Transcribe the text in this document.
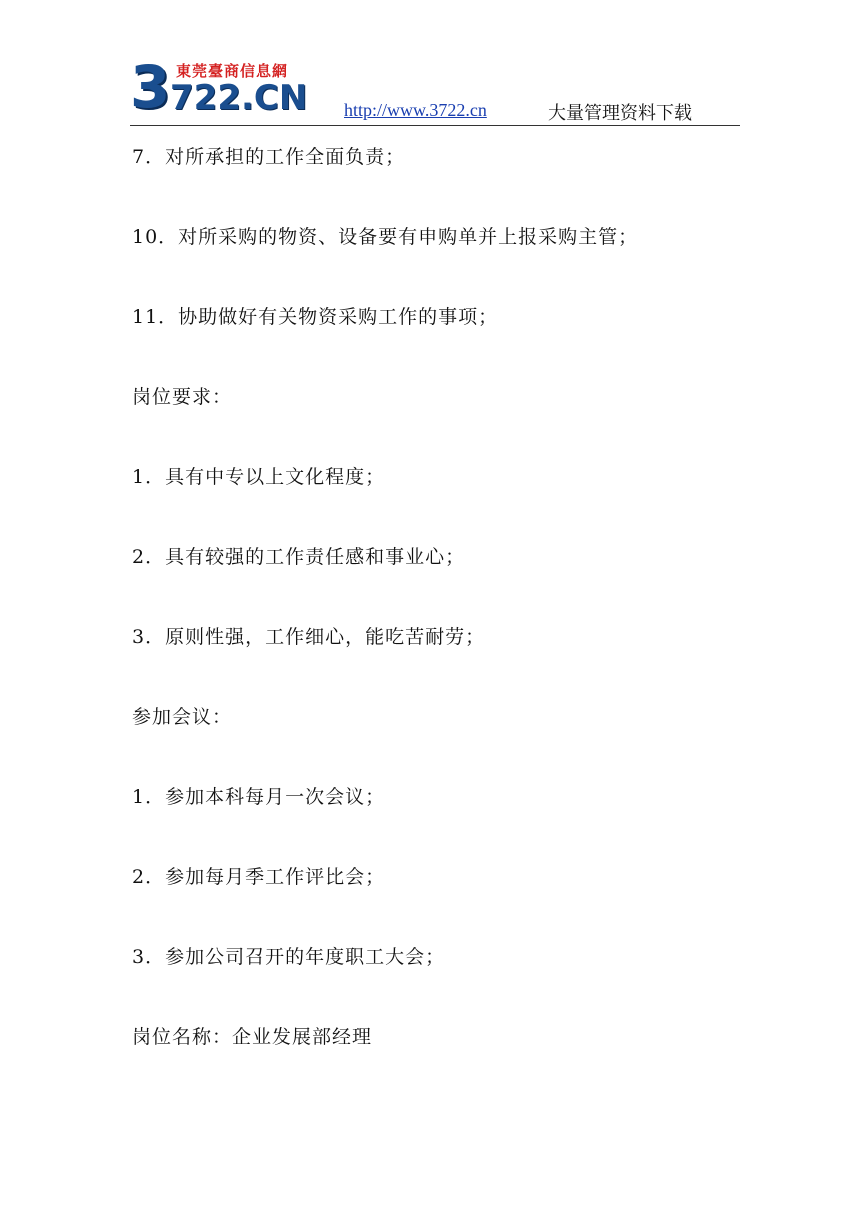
3 東莞臺商信息網
722.CN http://www.3722.cn	大量管理资料下载
7．对所承担的工作全面负责；
10．对所采购的物资、设备要有申购单并上报采购主管；
11．协助做好有关物资采购工作的事项；
岗位要求：
1．具有中专以上文化程度；
2．具有较强的工作责任感和事业心；
3．原则性强，工作细心，能吃苦耐劳；
参加会议：
1．参加本科每月一次会议；
2．参加每月季工作评比会；
3．参加公司召开的年度职工大会；
岗位名称：企业发展部经理
